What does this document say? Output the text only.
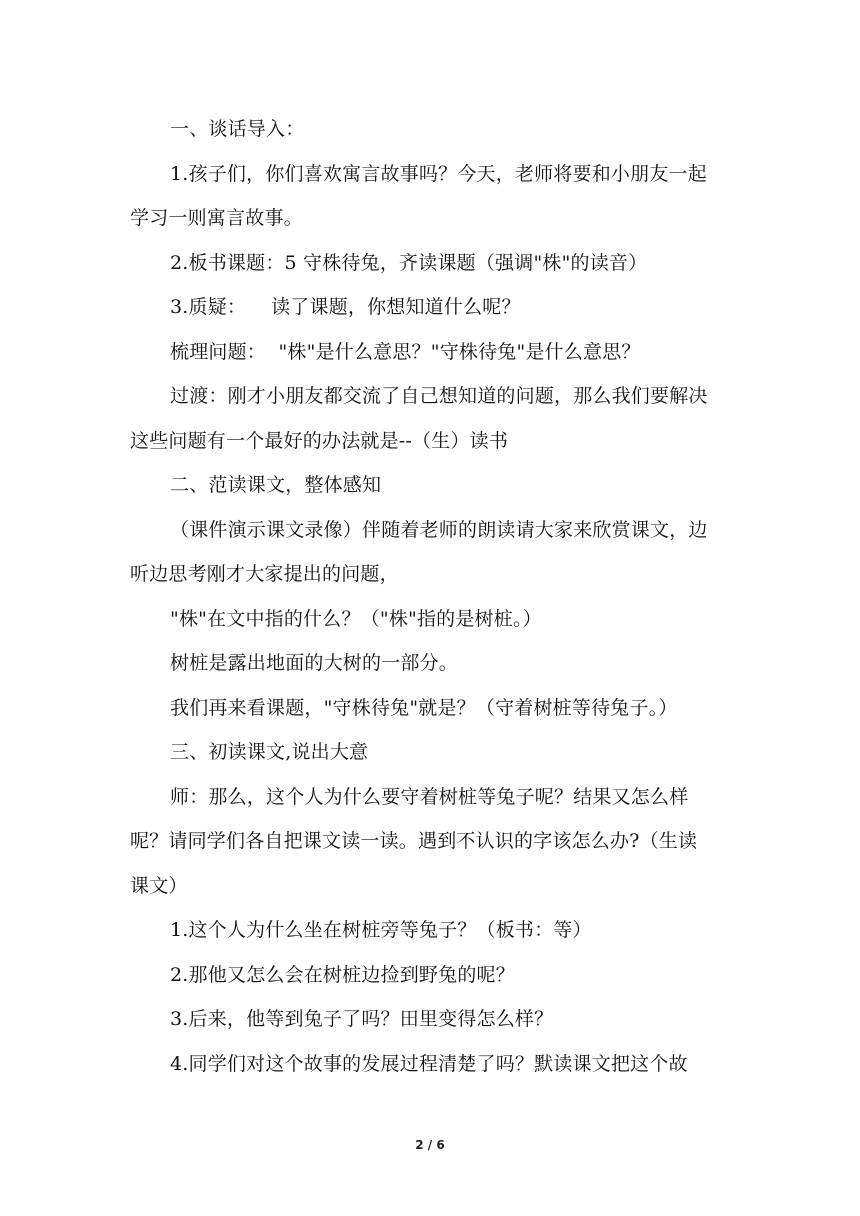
一、谈话导入：
1.孩子们，你们喜欢寓言故事吗？今天，老师将要和小朋友一起
学习一则寓言故事。
2.板书课题：5 守株待兔，齐读课题（强调"株"的读音）
3.质疑：    读了课题，你想知道什么呢？
梳理问题：  "株"是什么意思？"守株待兔"是什么意思？
过渡：刚才小朋友都交流了自己想知道的问题，那么我们要解决
这些问题有一个最好的办法就是--（生）读书
二、范读课文，整体感知
（课件演示课文录像）伴随着老师的朗读请大家来欣赏课文，边
听边思考刚才大家提出的问题，
"株"在文中指的什么？（"株"指的是树桩。）
树桩是露出地面的大树的一部分。
我们再来看课题，"守株待兔"就是？（守着树桩等待兔子。）
三、初读课文,说出大意
师：那么，这个人为什么要守着树桩等兔子呢？结果又怎么样
呢？请同学们各自把课文读一读。遇到不认识的字该怎么办?（生读
课文）
1.这个人为什么坐在树桩旁等兔子？（板书：等）
2.那他又怎么会在树桩边捡到野兔的呢？
3.后来，他等到兔子了吗？田里变得怎么样？
4.同学们对这个故事的发展过程清楚了吗？默读课文把这个故
2 / 6
